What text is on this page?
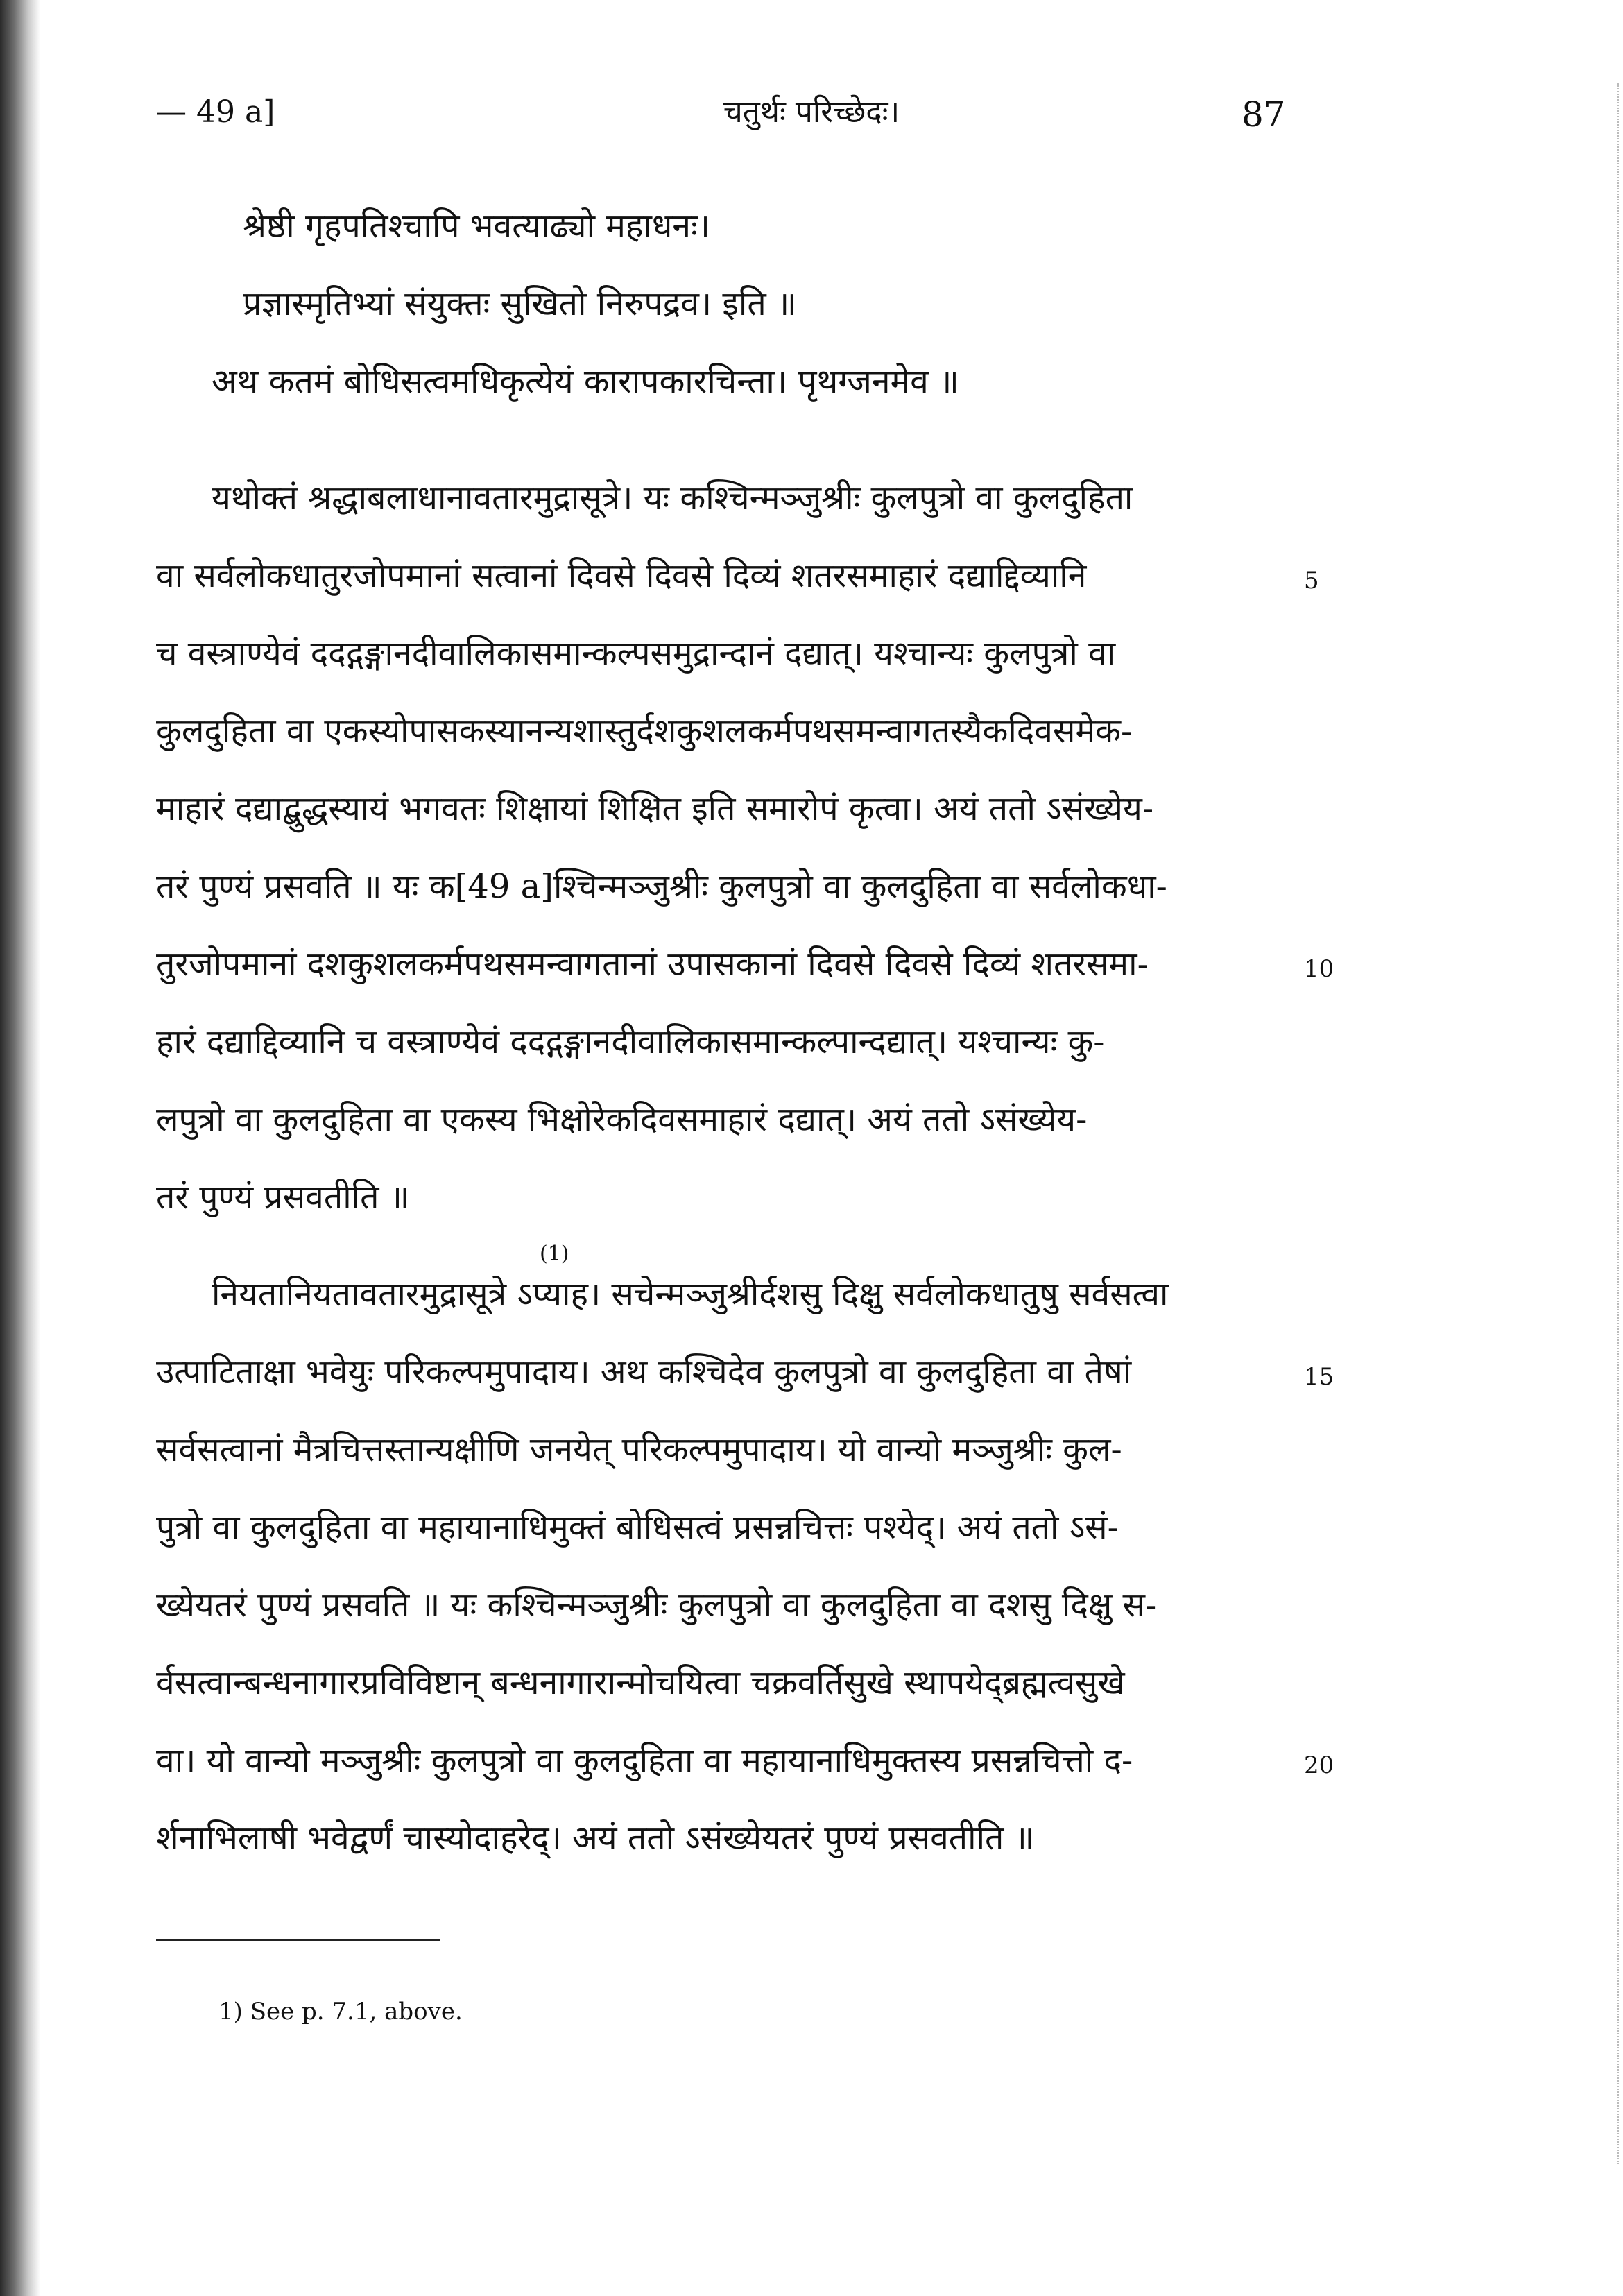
— 49 a]	चतुर्थः परिच्छेदः।	87
श्रेष्ठी गृहपतिश्चापि भवत्याढ्यो महाधनः।
प्रज्ञास्मृतिभ्यां संयुक्तः सुखितो निरुपद्रव। इति ॥
अथ कतमं बोधिसत्वमधिकृत्येयं कारापकारचिन्ता। पृथग्जनमेव ॥
यथोक्तं श्रद्धाबलाधानावतारमुद्रासूत्रे। यः कश्चिन्मञ्जुश्रीः कुलपुत्रो वा कुलदुहिता
वा सर्वलोकधातुरजोपमानां सत्वानां दिवसे दिवसे दिव्यं शतरसमाहारं दद्याद्दिव्यानि
च वस्त्राण्येवं ददद्गङ्गानदीवालिकासमान्कल्पसमुद्रान्दानं दद्यात्। यश्चान्यः कुलपुत्रो वा
कुलदुहिता वा एकस्योपासकस्यानन्यशास्तुर्दशकुशलकर्मपथसमन्वागतस्यैकदिवसमेक-
माहारं दद्याद्बुद्धस्यायं भगवतः शिक्षायां शिक्षित इति समारोपं कृत्वा। अयं ततो ऽसंख्येय-
तरं पुण्यं प्रसवति ॥ यः क[49 a]श्चिन्मञ्जुश्रीः कुलपुत्रो वा कुलदुहिता वा सर्वलोकधा-
तुरजोपमानां दशकुशलकर्मपथसमन्वागतानां उपासकानां दिवसे दिवसे दिव्यं शतरसमा-
हारं दद्याद्दिव्यानि च वस्त्राण्येवं ददद्गङ्गानदीवालिकासमान्कल्पान्दद्यात्। यश्चान्यः कु-
लपुत्रो वा कुलदुहिता वा एकस्य भिक्षोरेकदिवसमाहारं दद्यात्। अयं ततो ऽसंख्येय-
तरं पुण्यं प्रसवतीति ॥
(1)
नियतानियतावतारमुद्रासूत्रे ऽप्याह। सचेन्मञ्जुश्रीर्दशसु दिक्षु सर्वलोकधातुषु सर्वसत्वा
उत्पाटिताक्षा भवेयुः परिकल्पमुपादाय। अथ कश्चिदेव कुलपुत्रो वा कुलदुहिता वा तेषां
सर्वसत्वानां मैत्रचित्तस्तान्यक्षीणि जनयेत् परिकल्पमुपादाय। यो वान्यो मञ्जुश्रीः कुल-
पुत्रो वा कुलदुहिता वा महायानाधिमुक्तं बोधिसत्वं प्रसन्नचित्तः पश्येद्। अयं ततो ऽसं-
ख्येयतरं पुण्यं प्रसवति ॥ यः कश्चिन्मञ्जुश्रीः कुलपुत्रो वा कुलदुहिता वा दशसु दिक्षु स-
र्वसत्वान्बन्धनागारप्रविविष्टान् बन्धनागारान्मोचयित्वा चक्रवर्तिसुखे स्थापयेद्ब्रह्मत्वसुखे
वा। यो वान्यो मञ्जुश्रीः कुलपुत्रो वा कुलदुहिता वा महायानाधिमुक्तस्य प्रसन्नचित्तो द-
र्शनाभिलाषी भवेद्वर्णं चास्योदाहरेद्। अयं ततो ऽसंख्येयतरं पुण्यं प्रसवतीति ॥
5
10
15
20
1) See p. 7.1, above.
